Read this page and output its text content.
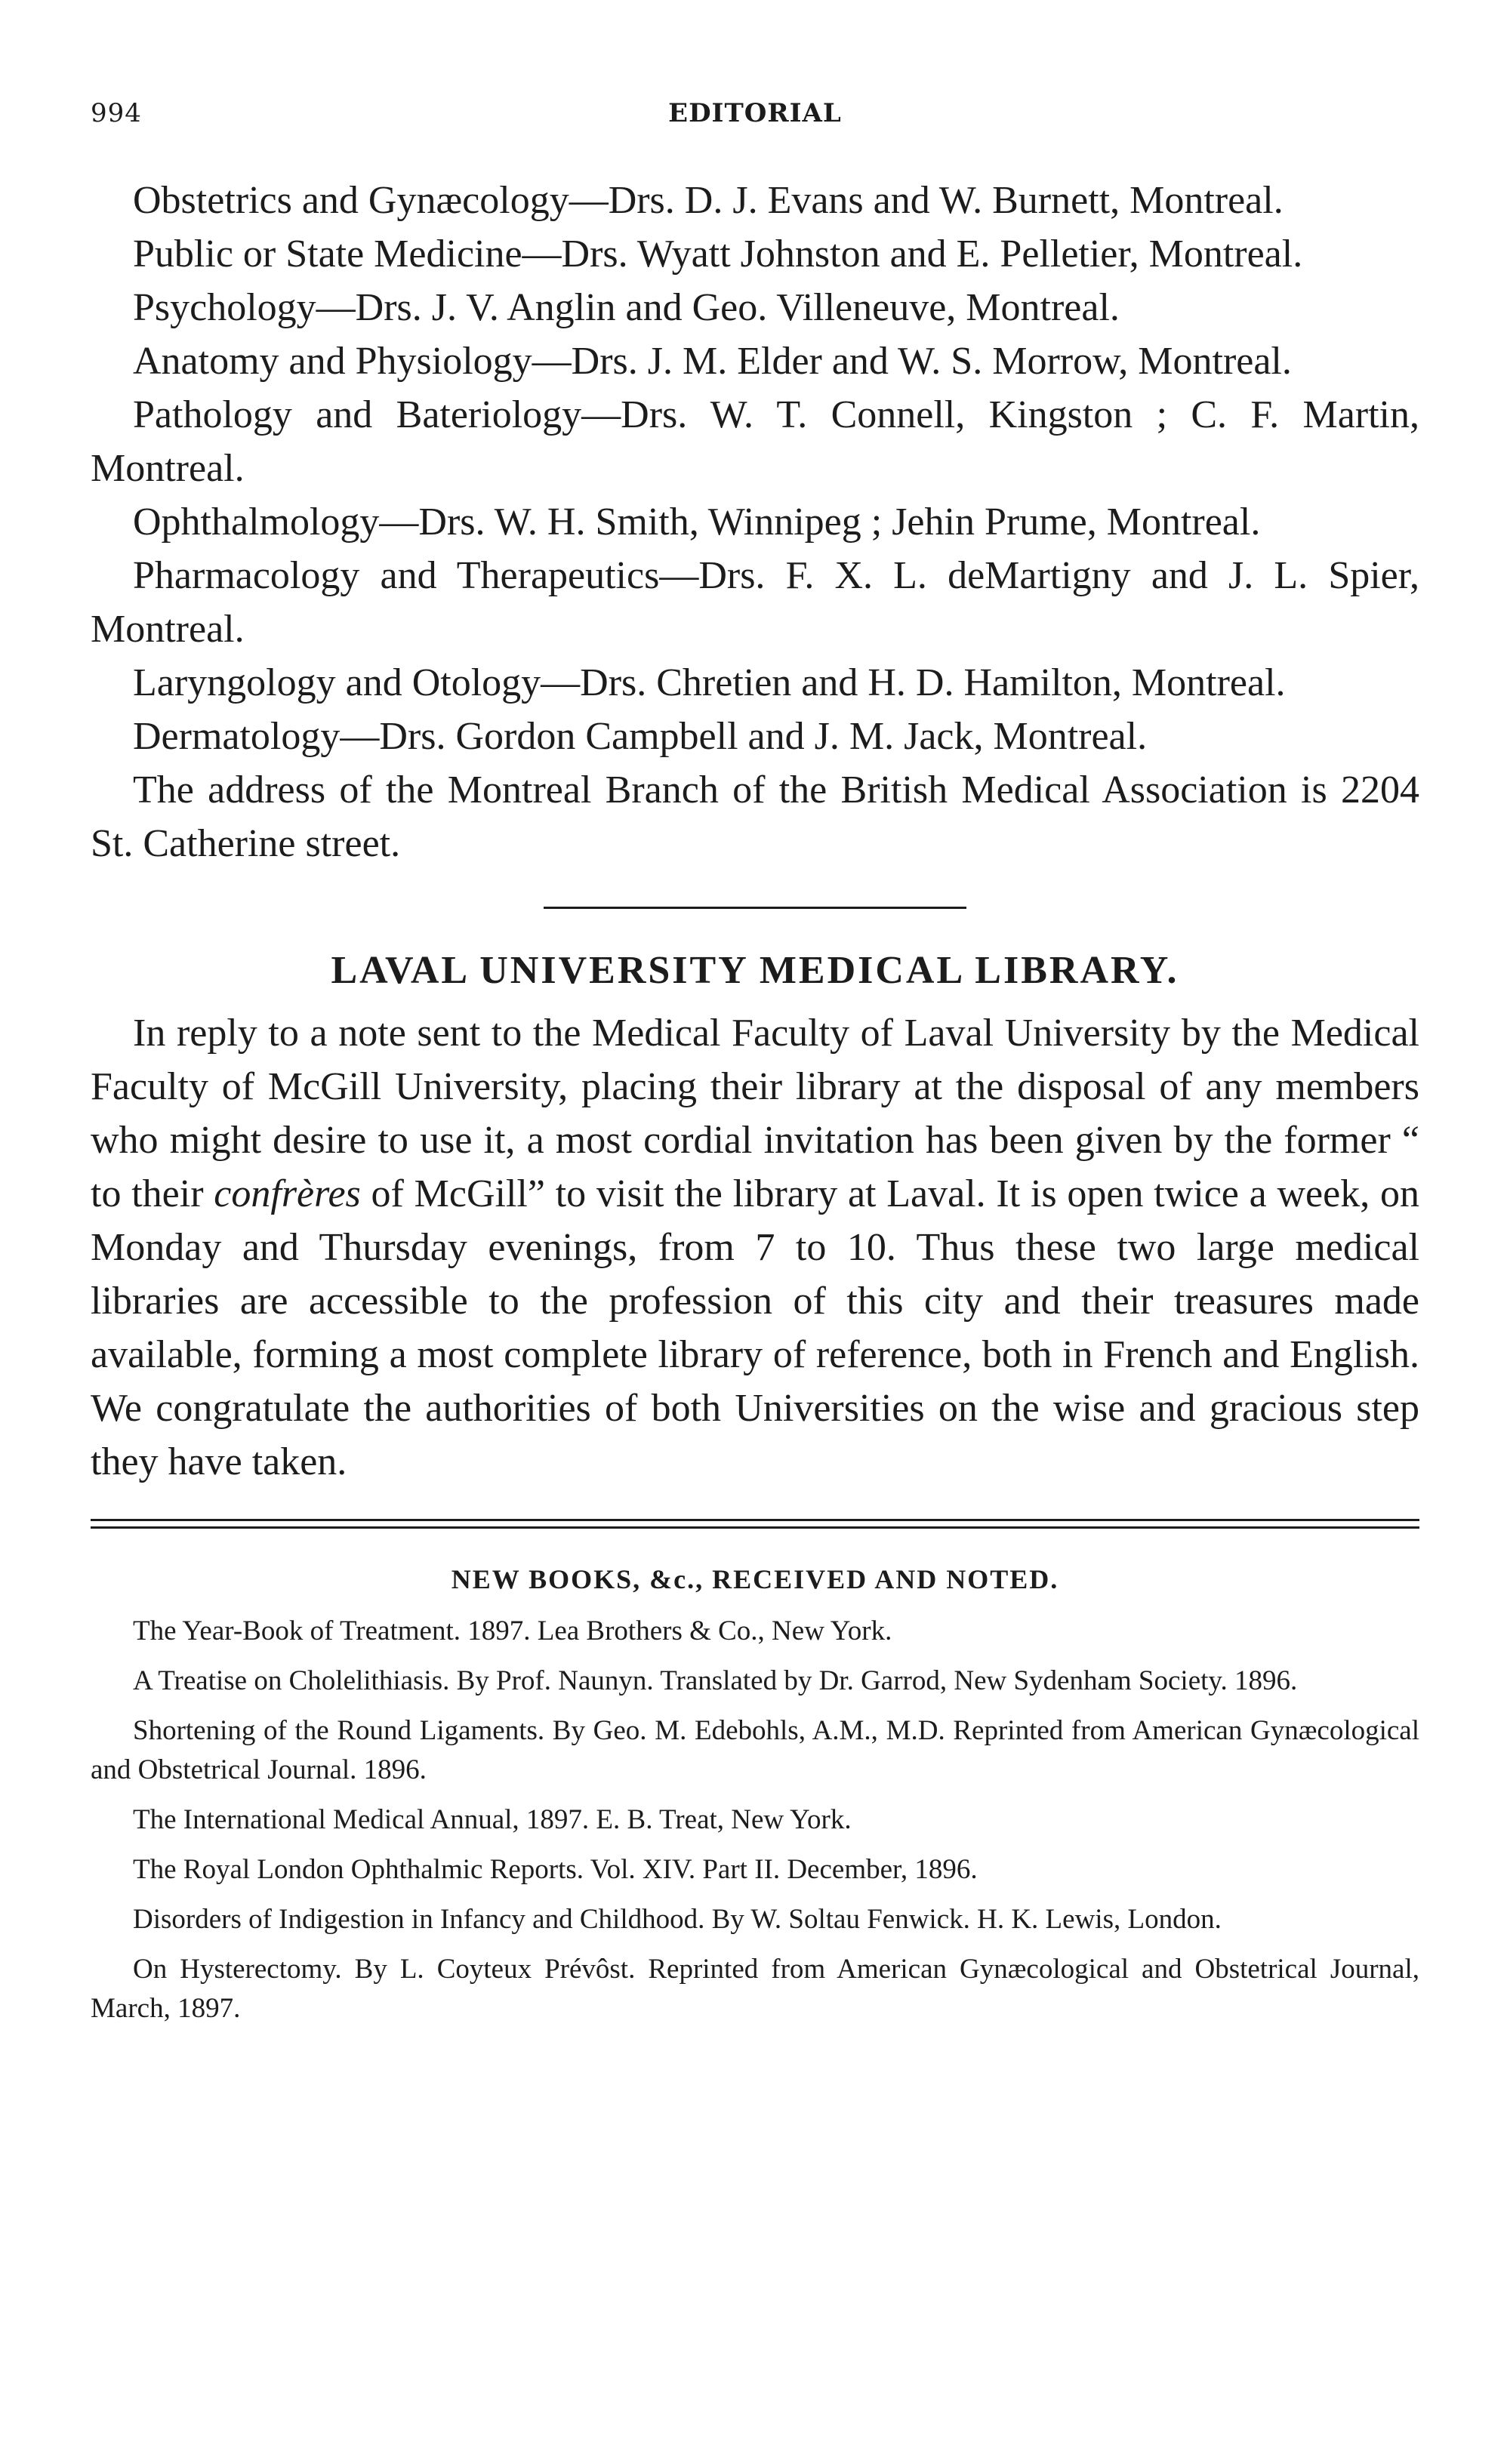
994	EDITORIAL

Obstetrics and Gynæcology—Drs. D. J. Evans and W. Burnett, Montreal.

Public or State Medicine—Drs. Wyatt Johnston and E. Pelletier, Montreal.

Psychology—Drs. J. V. Anglin and Geo. Villeneuve, Montreal.

Anatomy and Physiology—Drs. J. M. Elder and W. S. Morrow, Montreal.

Pathology and Bateriology—Drs. W. T. Connell, Kingston ; C. F. Martin, Montreal.

Ophthalmology—Drs. W. H. Smith, Winnipeg ; Jehin Prume, Montreal.

Pharmacology and Therapeutics—Drs. F. X. L. deMartigny and J. L. Spier, Montreal.

Laryngology and Otology—Drs. Chretien and H. D. Hamilton, Montreal.

Dermatology—Drs. Gordon Campbell and J. M. Jack, Montreal.

The address of the Montreal Branch of the British Medical Association is 2204 St. Catherine street.

LAVAL UNIVERSITY MEDICAL LIBRARY.

In reply to a note sent to the Medical Faculty of Laval University by the Medical Faculty of McGill University, placing their library at the disposal of any members who might desire to use it, a most cordial invitation has been given by the former “ to their confrères of McGill” to visit the library at Laval. It is open twice a week, on Monday and Thursday evenings, from 7 to 10. Thus these two large medical libraries are accessible to the profession of this city and their treasures made available, forming a most complete library of reference, both in French and English. We congratulate the authorities of both Universities on the wise and gracious step they have taken.

NEW BOOKS, &c., RECEIVED AND NOTED.

The Year-Book of Treatment. 1897. Lea Brothers & Co., New York.

A Treatise on Cholelithiasis. By Prof. Naunyn. Translated by Dr. Garrod, New Sydenham Society. 1896.

Shortening of the Round Ligaments. By Geo. M. Edebohls, A.M., M.D. Reprinted from American Gynæcological and Obstetrical Journal. 1896.

The International Medical Annual, 1897. E. B. Treat, New York.

The Royal London Ophthalmic Reports. Vol. XIV. Part II. December, 1896.

Disorders of Indigestion in Infancy and Childhood. By W. Soltau Fenwick. H. K. Lewis, London.

On Hysterectomy. By L. Coyteux Prévôst. Reprinted from American Gynæcological and Obstetrical Journal, March, 1897.
